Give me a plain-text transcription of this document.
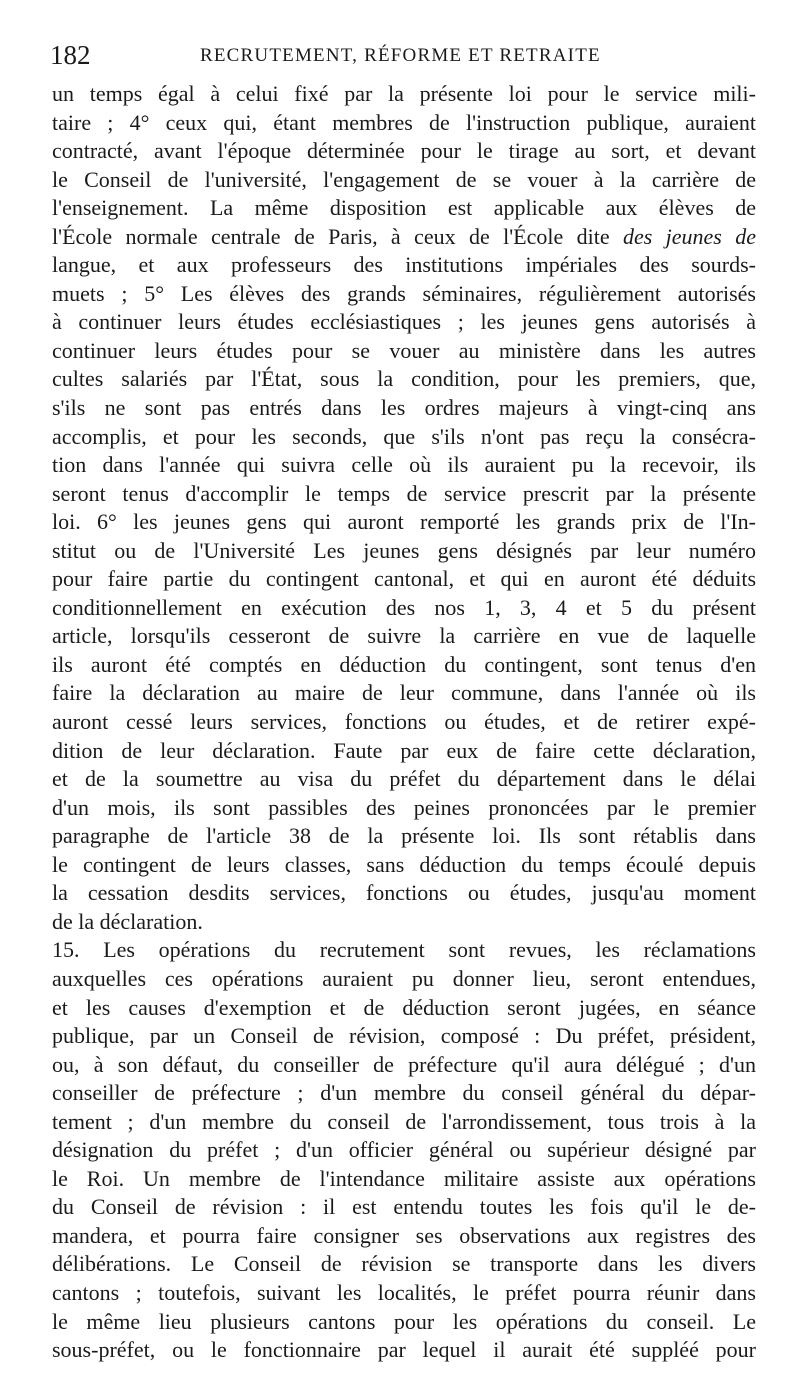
182	RECRUTEMENT, RÉFORME ET RETRAITE
un temps égal à celui fixé par la présente loi pour le service mili-
taire ; 4° ceux qui, étant membres de l'instruction publique, auraient
contracté, avant l'époque déterminée pour le tirage au sort, et devant
le Conseil de l'université, l'engagement de se vouer à la carrière de
l'enseignement. La même disposition est applicable aux élèves de
l'École normale centrale de Paris, à ceux de l'École dite des jeunes de
langue, et aux professeurs des institutions impériales des sourds-
muets ; 5° Les élèves des grands séminaires, régulièrement autorisés
à continuer leurs études ecclésiastiques ; les jeunes gens autorisés à
continuer leurs études pour se vouer au ministère dans les autres
cultes salariés par l'État, sous la condition, pour les premiers, que,
s'ils ne sont pas entrés dans les ordres majeurs à vingt-cinq ans
accomplis, et pour les seconds, que s'ils n'ont pas reçu la consécra-
tion dans l'année qui suivra celle où ils auraient pu la recevoir, ils
seront tenus d'accomplir le temps de service prescrit par la présente
loi. 6° les jeunes gens qui auront remporté les grands prix de l'In-
stitut ou de l'Université Les jeunes gens désignés par leur numéro
pour faire partie du contingent cantonal, et qui en auront été déduits
conditionnellement en exécution des nos 1, 3, 4 et 5 du présent
article, lorsqu'ils cesseront de suivre la carrière en vue de laquelle
ils auront été comptés en déduction du contingent, sont tenus d'en
faire la déclaration au maire de leur commune, dans l'année où ils
auront cessé leurs services, fonctions ou études, et de retirer expé-
dition de leur déclaration. Faute par eux de faire cette déclaration,
et de la soumettre au visa du préfet du département dans le délai
d'un mois, ils sont passibles des peines prononcées par le premier
paragraphe de l'article 38 de la présente loi. Ils sont rétablis dans
le contingent de leurs classes, sans déduction du temps écoulé depuis
la cessation desdits services, fonctions ou études, jusqu'au moment
de la déclaration.
15. Les opérations du recrutement sont revues, les réclamations
auxquelles ces opérations auraient pu donner lieu, seront entendues,
et les causes d'exemption et de déduction seront jugées, en séance
publique, par un Conseil de révision, composé : Du préfet, président,
ou, à son défaut, du conseiller de préfecture qu'il aura délégué ; d'un
conseiller de préfecture ; d'un membre du conseil général du dépar-
tement ; d'un membre du conseil de l'arrondissement, tous trois à la
désignation du préfet ; d'un officier général ou supérieur désigné par
le Roi. Un membre de l'intendance militaire assiste aux opérations
du Conseil de révision : il est entendu toutes les fois qu'il le de-
mandera, et pourra faire consigner ses observations aux registres des
délibérations. Le Conseil de révision se transporte dans les divers
cantons ; toutefois, suivant les localités, le préfet pourra réunir dans
le même lieu plusieurs cantons pour les opérations du conseil. Le
sous-préfet, ou le fonctionnaire par lequel il aurait été suppléé pour
